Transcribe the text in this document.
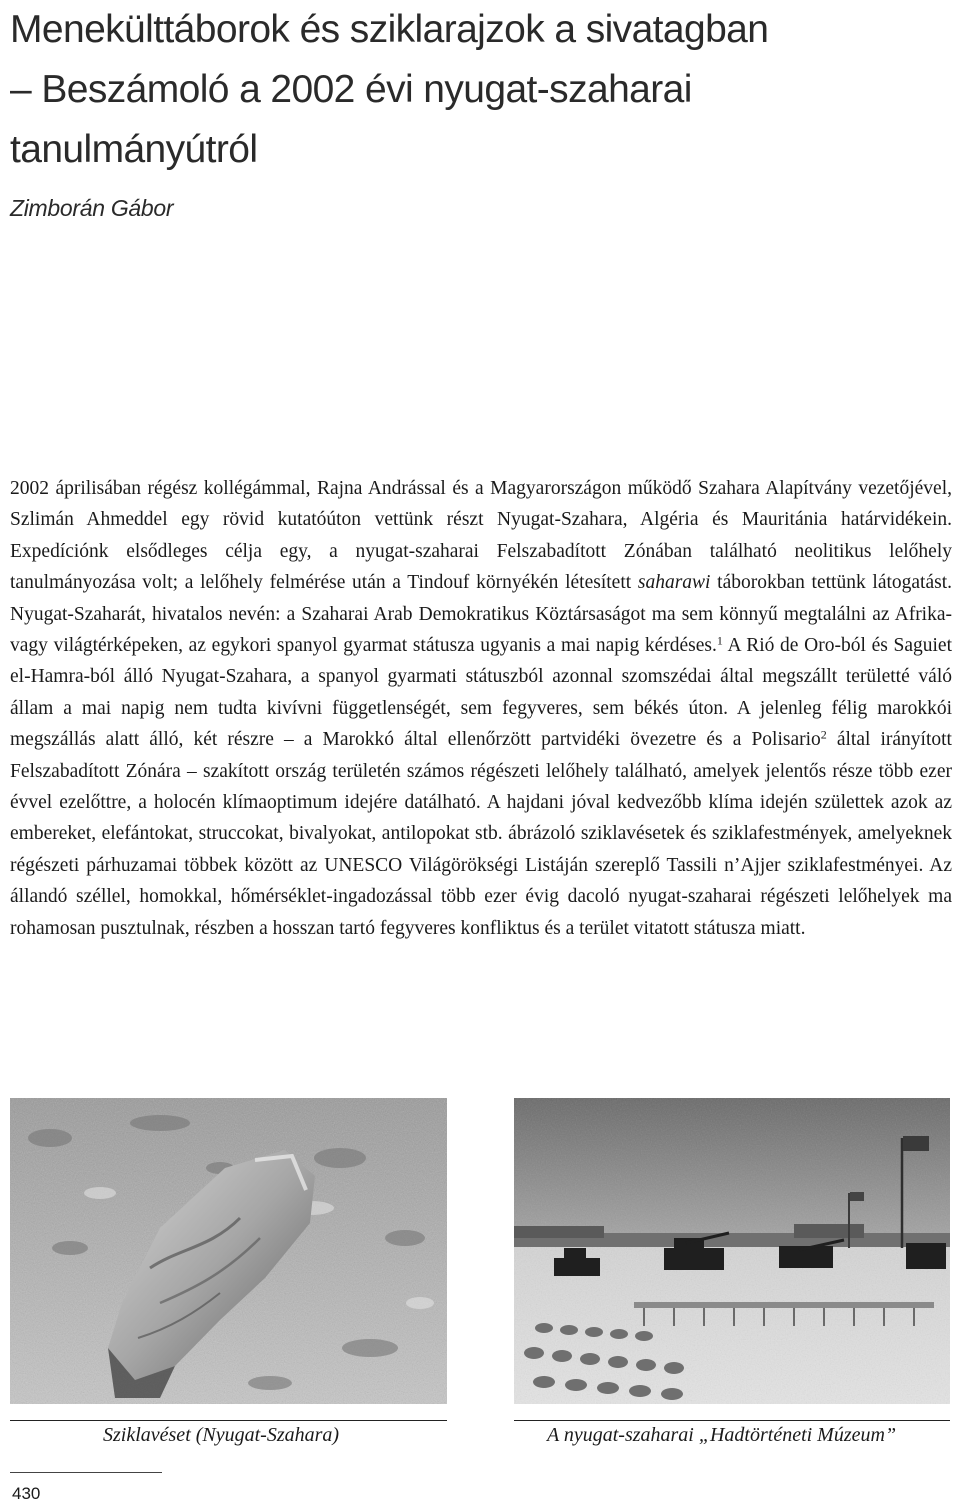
Menekülttáborok és sziklarajzok a sivatagban
– Beszámoló a 2002 évi nyugat-szaharai
tanulmányútról
Zimborán Gábor

2002 áprilisában régész kollégámmal, Rajna Andrással és a Magyarországon működő Szahara Alapítvány vezetőjével, Szlimán Ahmeddel egy rövid kutatóúton vettünk részt Nyugat-Szahara, Algéria és Mauritánia határvidékein. Expedíciónk elsődleges célja egy, a nyugat-szaharai Felszabadított Zónában található neolitikus lelőhely tanulmányozása volt; a lelőhely felmérése után a Tindouf környékén létesített saharawi táborokban tettünk látogatást. Nyugat-Szaharát, hivatalos nevén: a Szaharai Arab Demokratikus Köztársaságot ma sem könnyű megtalálni az Afrika- vagy világtérképeken, az egykori spanyol gyarmat státusza ugyanis a mai napig kérdéses.$^1$ A Rió de Oro-ból és Saguiet el-Hamra-ból álló Nyugat-Szahara, a spanyol gyarmati státuszból azonnal szomszédai által megszállt területté váló állam a mai napig nem tudta kivívni függetlenségét, sem fegyveres, sem békés úton. A jelenleg félig marokkói megszállás alatt álló, két részre – a Marokkó által ellenőrzött partvidéki övezetre és a Polisario$^2$ által irányított Felszabadított Zónára – szakított ország területén számos régészeti lelőhely található, amelyek jelentős része több ezer évvel ezelőttre, a holocén klímaoptimum idejére datálható. A hajdani jóval kedvezőbb klíma idején születtek azok az embereket, elefántokat, struccokat, bivalyokat, antilopokat stb. ábrázoló sziklavésetek és sziklafestmények, amelyeknek régészeti párhuzamai többek között az UNESCO Világörökségi Listáján szereplő Tassili n’Ajjer sziklafestményei. Az állandó széllel, homokkal, hőmérséklet-ingadozással több ezer évig dacoló nyugat-szaharai régészeti lelőhelyek ma rohamosan pusztulnak, részben a hosszan tartó fegyveres konfliktus és a terület vitatott státusza miatt.

Sziklavéset (Nyugat-Szahara)	A nyugat-szaharai „Hadtörténeti Múzeum”
430
